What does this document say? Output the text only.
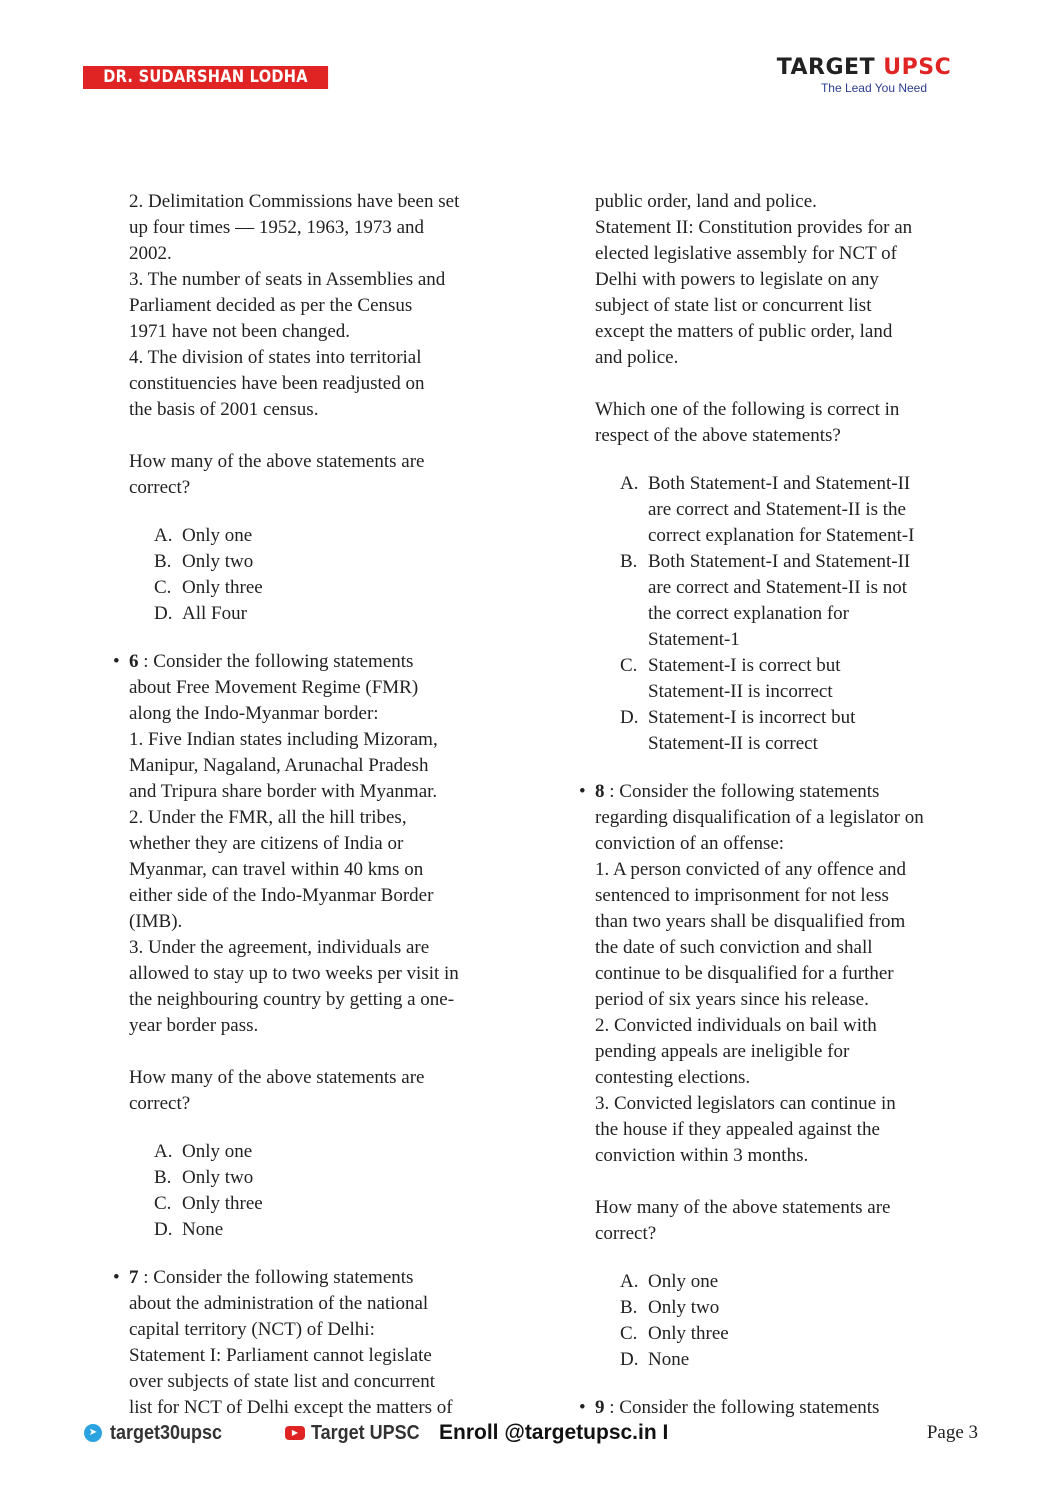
DR. SUDARSHAN LODHA	TARGET UPSC
The Lead You Need
2. Delimitation Commissions have been set
up four times — 1952, 1963, 1973 and
2002.
3. The number of seats in Assemblies and
Parliament decided as per the Census
1971 have not been changed.
4. The division of states into territorial
constituencies have been readjusted on
the basis of 2001 census.
How many of the above statements are
correct?
A. Only one
B. Only two
C. Only three
D. All Four
• 6 : Consider the following statements
about Free Movement Regime (FMR)
along the Indo-Myanmar border:
1. Five Indian states including Mizoram,
Manipur, Nagaland, Arunachal Pradesh
and Tripura share border with Myanmar.
2. Under the FMR, all the hill tribes,
whether they are citizens of India or
Myanmar, can travel within 40 kms on
either side of the Indo-Myanmar Border
(IMB).
3. Under the agreement, individuals are
allowed to stay up to two weeks per visit in
the neighbouring country by getting a one-
year border pass.
How many of the above statements are
correct?
A. Only one
B. Only two
C. Only three
D. None
• 7 : Consider the following statements
about the administration of the national
capital territory (NCT) of Delhi:
Statement I: Parliament cannot legislate
over subjects of state list and concurrent
list for NCT of Delhi except the matters of
public order, land and police.
Statement II: Constitution provides for an
elected legislative assembly for NCT of
Delhi with powers to legislate on any
subject of state list or concurrent list
except the matters of public order, land
and police.
Which one of the following is correct in
respect of the above statements?
A. Both Statement-I and Statement-II
are correct and Statement-II is the
correct explanation for Statement-I
B. Both Statement-I and Statement-II
are correct and Statement-II is not
the correct explanation for
Statement-1
C. Statement-I is correct but
Statement-II is incorrect
D. Statement-I is incorrect but
Statement-II is correct
• 8 : Consider the following statements
regarding disqualification of a legislator on
conviction of an offense:
1. A person convicted of any offence and
sentenced to imprisonment for not less
than two years shall be disqualified from
the date of such conviction and shall
continue to be disqualified for a further
period of six years since his release.
2. Convicted individuals on bail with
pending appeals are ineligible for
contesting elections.
3. Convicted legislators can continue in
the house if they appealed against the
conviction within 3 months.
How many of the above statements are
correct?
A. Only one
B. Only two
C. Only three
D. None
• 9 : Consider the following statements
➤ target30upsc	▶ Target UPSC Enroll @targetupsc.in I	Page 3
